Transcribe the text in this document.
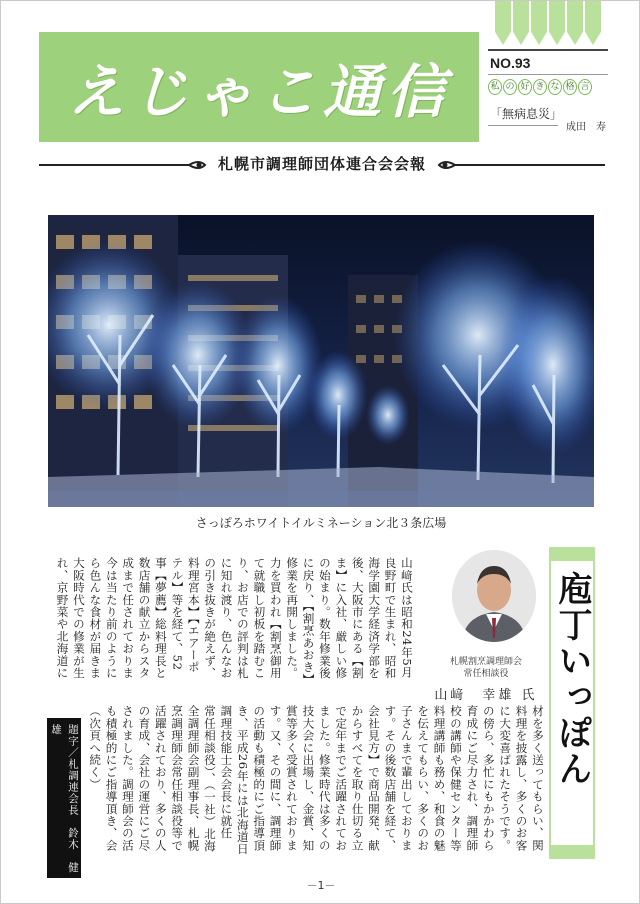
えじゃこ通信	NO.93
私 の 好 き な 格 言
「無病息災」
成田　寿
札幌市調理師団体連合会会報
さっぽろホワイトイルミネーション北３条広場
庖丁いっぽん
札幌割烹調理師会
常任相談役
山﨑　幸雄 氏
山﨑氏は昭和24年5月
良野町で生まれ、昭和
海学園大学経済学部を
後、大阪市にある【割
ま】に入社、厳しい修
の始まり。数年修業後
に戻り、【割烹あおき】
修業を再開しました。
力を買われ【割烹御用
て就職し初板を踏むこ
り、お店での評判は札
に知れ渡り、色んなお
の引き抜きが絶えず、
料理宮本】【エアーポ
テル】等を経て、52
事【夢薦】総料理長と
数店舗の献立からスタ
成まで任されておりま
今は当たり前のように
ら色んな食材が届きま
大阪時代での修業が生
れ、京野菜や北海道に
材を多く送ってもらい、関
料理を披露し、多くのお客
に大変喜ばれたそうです。
の傍ら、多忙にもかかわら
育成にご尽力され、調理師
校の講師や保健センター等
料理講師も務め、和食の魅
を伝えてもらい、多くのお
子さんまで輩出しておりま
す。その後数店舗を経て、
会社見方】で商品開発、献
からすべてを取り仕切る立
で定年までご活躍されてお
ました。修業時代は多くの
技大会に出場し、金賞、知
賞等多く受賞されておりま
す。又、その間に、調理師
の活動も積極的にご指導頂
き、平成26年には北海道日
調理技能士会会長に就任
常任相談役）、（一社）北海
全調理師会副理事長、札幌
烹調理師会常任相談役等で
活躍されており、多くの人
の育成、会社の運営にご尽
されました。調理師会の活
も積極的にご指導頂き、会
（次頁へ続く）
題字／札調連会長　鈴木　健雄
－1－
